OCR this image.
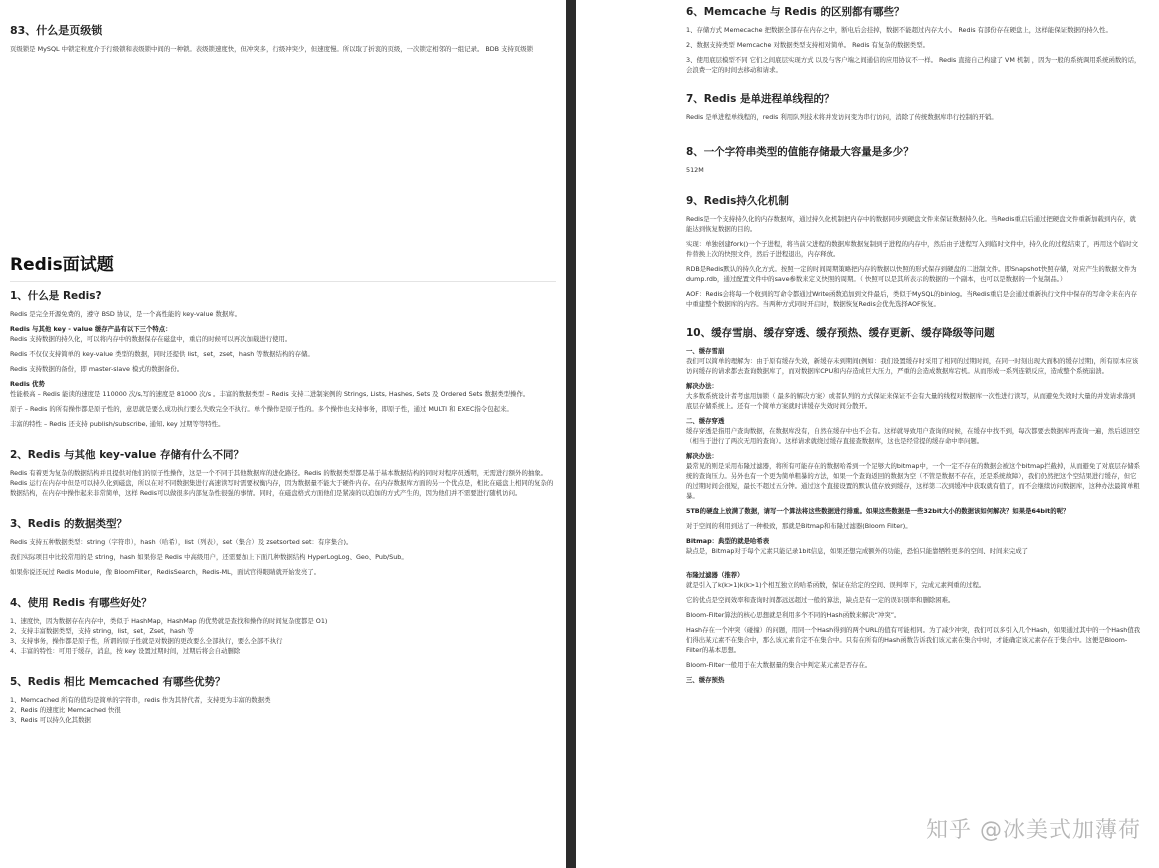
83、什么是页级锁

页级锁是 MySQL 中锁定粒度介于行级锁和表级锁中间的一种锁。表级锁速度快，但冲突多，行级冲突少，但速度慢。所以取了折衷的页级，一次锁定相邻的一组记录。 BDB 支持页级锁

Redis面试题
1、什么是 Redis?

Redis 是完全开源免费的，遵守 BSD 协议，是一个高性能的 key-value 数据库。

Redis 与其他 key - value 缓存产品有以下三个特点：

Redis 支持数据的持久化，可以将内存中的数据保存在磁盘中，重启的时候可以再次加载进行使用。

Redis 不仅仅支持简单的 key-value 类型的数据，同时还提供 list，set，zset，hash 等数据结构的存储。

Redis 支持数据的备份，即 master-slave 模式的数据备份。

Redis 优势

性能极高 – Redis 能读的速度是 110000 次/s,写的速度是 81000 次/s 。丰富的数据类型 – Redis 支持二进制案例的 Strings, Lists, Hashes, Sets 及 Ordered Sets 数据类型操作。

原子 – Redis 的所有操作都是原子性的，意思就是要么成功执行要么失败完全不执行。单个操作是原子性的。多个操作也支持事务，即原子性，通过 MULTI 和 EXEC指令包起来。

丰富的特性 – Redis 还支持 publish/subscribe, 通知, key 过期等等特性。

2、Redis 与其他 key-value 存储有什么不同？

Redis 有着更为复杂的数据结构并且提供对他们的原子性操作，这是一个不同于其他数据库的进化路径。Redis 的数据类型都是基于基本数据结构的同时对程序员透明，无需进行额外的抽象。Redis 运行在内存中但是可以持久化到磁盘，所以在对不同数据集进行高速读写时需要权衡内存，因为数据量不能大于硬件内存。在内存数据库方面的另一个优点是，相比在磁盘上相同的复杂的数据结构，在内存中操作起来非常简单，这样 Redis可以做很多内部复杂性很强的事情。同时，在磁盘格式方面他们是紧凑的以追加的方式产生的，因为他们并不需要进行随机访问。

3、Redis 的数据类型？

Redis 支持五种数据类型：string（字符串），hash（哈希），list（列表），set（集合）及 zsetsorted set：有序集合)。

我们实际项目中比较常用的是 string，hash 如果你是 Redis 中高级用户，还需要加上下面几种数据结构 HyperLogLog、Geo、Pub/Sub。

如果你说还玩过 Redis Module，像 BloomFilter，RedisSearch，Redis-ML，面试官得眼睛就开始发亮了。

4、使用 Redis 有哪些好处？
1、速度快，因为数据存在内存中，类似于 HashMap，HashMap 的优势就是查找和操作的时间复杂度都是 O1)
2、支持丰富数据类型，支持 string，list，set，Zset，hash 等
3、支持事务，操作都是原子性，所谓的原子性就是对数据的更改要么全部执行，要么全部不执行
4、丰富的特性：可用于缓存，消息，按 key 设置过期时间，过期后将会自动删除
5、Redis 相比 Memcached 有哪些优势？
1、Memcached 所有的值均是简单的字符串，redis 作为其替代者，支持更为丰富的数据类
2、Redis 的速度比 Memcached 快很
3、Redis 可以持久化其数据
6、Memcache 与 Redis 的区别都有哪些？

1、存储方式 Memecache 把数据全部存在内存之中，断电后会挂掉，数据不能超过内存大小。 Redis 有部份存在硬盘上，这样能保证数据的持久性。

2、数据支持类型 Memcache 对数据类型支持相对简单。 Redis 有复杂的数据类型。

3、使用底层模型不同 它们之间底层实现方式 以及与客户端之间通信的应用协议不一样。 Redis 直接自己构建了 VM 机制 ，因为一般的系统调用系统函数的话，会浪费一定的时间去移动和请求。

7、Redis 是单进程单线程的？

Redis 是单进程单线程的，redis 利用队列技术将并发访问变为串行访问，消除了传统数据库串行控制的开销。

8、一个字符串类型的值能存储最大容量是多少？

512M

9、Redis持久化机制

Redis是一个支持持久化的内存数据库，通过持久化机制把内存中的数据同步到硬盘文件来保证数据持久化。当Redis重启后通过把硬盘文件重新加载到内存，就能达到恢复数据的目的。

实现：单独创建fork()一个子进程，将当前父进程的数据库数据复制到子进程的内存中，然后由子进程写入到临时文件中，持久化的过程结束了，再用这个临时文件替换上次的快照文件，然后子进程退出，内存释放。

RDB是Redis默认的持久化方式。按照一定的时间周期策略把内存的数据以快照的形式保存到硬盘的二进制文件。即Snapshot快照存储，对应产生的数据文件为dump.rdb，通过配置文件中的save参数来定义快照的周期。（ 快照可以是其所表示的数据的一个副本，也可以是数据的一个复制品。）

AOF：Redis会将每一个收到的写命令都通过Write函数追加到文件最后，类似于MySQL的binlog。当Redis重启是会通过重新执行文件中保存的写命令来在内存中重建整个数据库的内容。当两种方式同时开启时，数据恢复Redis会优先选择AOF恢复。

10、缓存雪崩、缓存穿透、缓存预热、缓存更新、缓存降级等问题

一、缓存雪崩

我们可以简单的理解为：由于原有缓存失效，新缓存未到期间(例如：我们设置缓存时采用了相同的过期时间，在同一时刻出现大面积的缓存过期)，所有原本应该访问缓存的请求都去查询数据库了，而对数据库CPU和内存造成巨大压力，严重的会造成数据库宕机。从而形成一系列连锁反应，造成整个系统崩溃。

解决办法：

大多数系统设计者考虑用加锁（ 最多的解决方案）或者队列的方式保证来保证不会有大量的线程对数据库一次性进行读写，从而避免失效时大量的并发请求落到底层存储系统上。还有一个简单方案就时讲缓存失效时间分散开。

二、缓存穿透

缓存穿透是指用户查询数据，在数据库没有，自然在缓存中也不会有。这样就导致用户查询的时候，在缓存中找不到，每次都要去数据库再查询一遍，然后返回空（相当于进行了两次无用的查询）。这样请求就绕过缓存直接查数据库，这也是经常提的缓存命中率问题。

解决办法：

最常见的则是采用布隆过滤器，将所有可能存在的数据哈希到一个足够大的bitmap中，一个一定不存在的数据会被这个bitmap拦截掉，从而避免了对底层存储系统的查询压力。另外也有一个更为简单粗暴的方法，如果一个查询返回的数据为空（不管是数据不存在，还是系统故障），我们仍然把这个空结果进行缓存，但它的过期时间会很短，最长不超过五分钟。通过这个直接设置的默认值存放到缓存，这样第二次到缓冲中获取就有值了，而不会继续访问数据库，这种办法最简单粗暴。

5TB的硬盘上放满了数据，请写一个算法将这些数据进行排重。如果这些数据是一些32bit大小的数据该如何解决？如果是64bit的呢？

对于空间的利用到达了一种极致，那就是Bitmap和布隆过滤器(Bloom Filter)。

Bitmap：典型的就是哈希表

缺点是，Bitmap对于每个元素只能记录1bit信息，如果还想完成额外的功能，恐怕只能靠牺牲更多的空间、时间来完成了

布隆过滤器（推荐）

就是引入了k(k>1)k(k>1)个相互独立的哈希函数，保证在给定的空间、误判率下，完成元素判重的过程。

它的优点是空间效率和查询时间都远远超过一般的算法，缺点是有一定的误识别率和删除困难。

Bloom-Filter算法的核心思想就是利用多个不同的Hash函数来解决“冲突”。

Hash存在一个冲突（碰撞）的问题，用同一个Hash得到的两个URL的值有可能相同。为了减少冲突，我们可以多引入几个Hash，如果通过其中的一个Hash值我们得出某元素不在集合中，那么该元素肯定不在集合中。只有在所有的Hash函数告诉我们该元素在集合中时，才能确定该元素存在于集合中。这便是Bloom-Filter的基本思想。

Bloom-Filter一般用于在大数据量的集合中判定某元素是否存在。

三、缓存预热

知乎 @冰美式加薄荷
